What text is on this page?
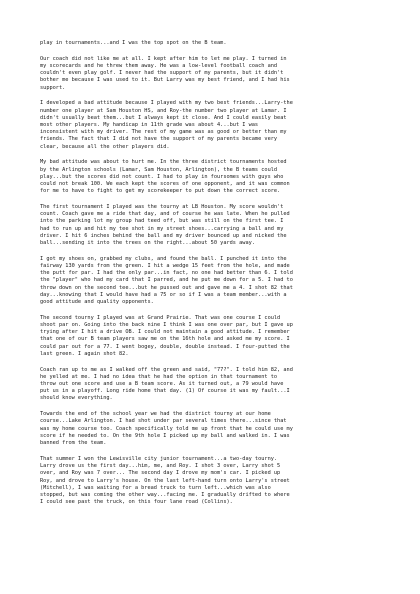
play in tournaments...and I was the top spot on the B team.

Our coach did not like me at all. I kept after him to let me play. I turned in
my scorecards and he threw them away. He was a low-level football coach and
couldn't even play golf. I never had the support of my parents, but it didn't
bother me because I was used to it. But Larry was my best friend, and I had his
support.

I developed a bad attitude because I played with my two best friends...Larry-the
number one player at Sam Houston HS, and Roy-the number two player at Lamar. I
didn't usually beat them...but I always kept it close. And I could easily beat
most other players. My handicap in 11th grade was about 4...but I was
inconsistent with my driver. The rest of my game was as good or better than my
friends. The fact that I did not have the support of my parents became very
clear, because all the other players did.

My bad attitude was about to hurt me. In the three district tournaments hosted
by the Arlington schools (Lamar, Sam Houston, Arlington), the B teams could
play...but the scores did not count. I had to play in foursomes with guys who
could not break 100. We each kept the scores of one opponent, and it was common
for me to have to fight to get my scorekeeper to put down the correct score.

The first tournament I played was the tourny at LB Houston. My score wouldn't
count. Coach gave me a ride that day, and of course he was late. When he pulled
into the parking lot my group had teed off, but was still on the first tee. I
had to run up and hit my tee shot in my street shoes...carrying a ball and my
driver. I hit 6 inches behind the ball and my driver bounced up and nicked the
ball...sending it into the trees on the right...about 50 yards away.

I got my shoes on, grabbed my clubs, and found the ball. I punched it into the
fairway 130 yards from the green. I hit a wedge 15 feet from the hole, and made
the putt for par. I had the only par...in fact, no one had better than 6. I told
the "player" who had my card that I parred, and he put me down for a 5. I had to
throw down on the second tee...but he pussed out and gave me a 4. I shot 82 that
day...knowing that I would have had a 75 or so if I was a team member...with a
good attitude and quality opponents.

The second tourny I played was at Grand Prairie. That was one course I could
shoot par on. Going into the back nine I think I was one over par, but I gave up
trying after I hit a drive OB. I could not maintain a good attitude. I remember
that one of our B team players saw me on the 16th hole and asked me my score. I
could par out for a 77. I went bogey, double, double instead. I four-putted the
last green. I again shot 82.

Coach ran up to me as I walked off the green and said, "77?". I told him 82, and
he yelled at me. I had no idea that he had the option in that tournament to
throw out one score and use a B team score. As it turned out, a 79 would have
put us in a playoff. Long ride home that day. (1) Of course it was my fault...I
should know everything.

Towards the end of the school year we had the district tourny at our home
course...Lake Arlington. I had shot under par several times there...since that
was my home course too. Coach specifically told me up front that he could use my
score if he needed to. On the 9th hole I picked up my ball and walked in. I was
banned from the team.

That summer I won the Lewisville city junior tournament...a two-day tourny.
Larry drove us the first day...him, me, and Roy. I shot 3 over, Larry shot 5
over, and Roy was 7 over... The second day I drove my mom's car. I picked up
Roy, and drove to Larry's house. On the last left-hand turn onto Larry's street
(Mitchell), I was waiting for a bread truck to turn left...which was also
stopped, but was coming the other way...facing me. I gradually drifted to where
I could see past the truck, on this four lane road (Collins).
